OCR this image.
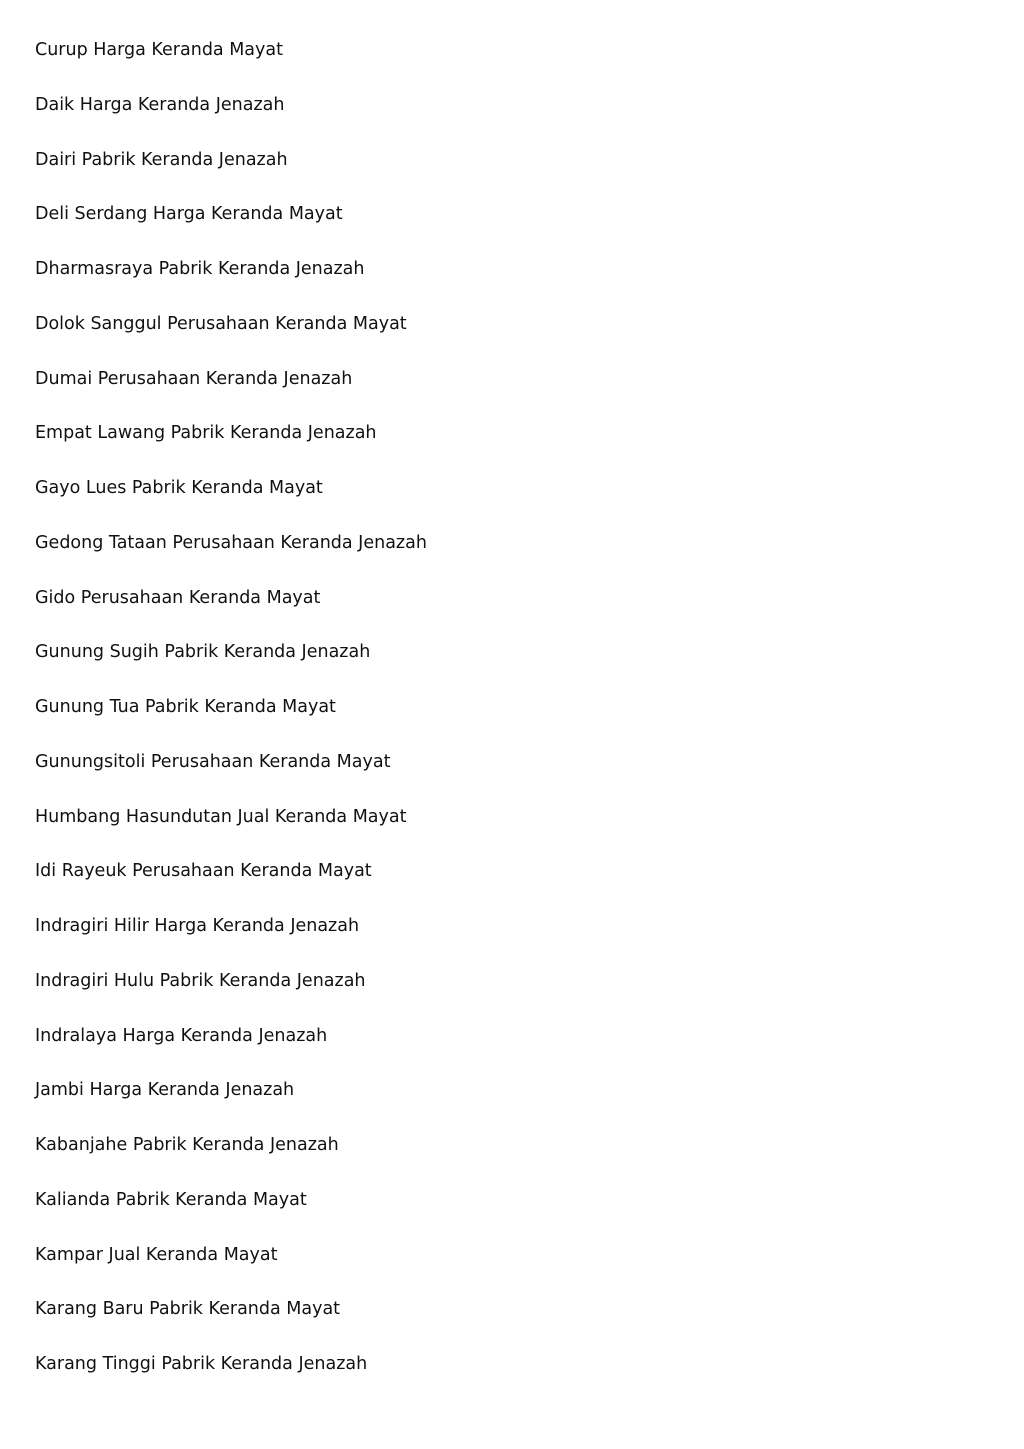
Curup Harga Keranda Mayat
Daik Harga Keranda Jenazah
Dairi Pabrik Keranda Jenazah
Deli Serdang Harga Keranda Mayat
Dharmasraya Pabrik Keranda Jenazah
Dolok Sanggul Perusahaan Keranda Mayat
Dumai Perusahaan Keranda Jenazah
Empat Lawang Pabrik Keranda Jenazah
Gayo Lues Pabrik Keranda Mayat
Gedong Tataan Perusahaan Keranda Jenazah
Gido Perusahaan Keranda Mayat
Gunung Sugih Pabrik Keranda Jenazah
Gunung Tua Pabrik Keranda Mayat
Gunungsitoli Perusahaan Keranda Mayat
Humbang Hasundutan Jual Keranda Mayat
Idi Rayeuk Perusahaan Keranda Mayat
Indragiri Hilir Harga Keranda Jenazah
Indragiri Hulu Pabrik Keranda Jenazah
Indralaya Harga Keranda Jenazah
Jambi Harga Keranda Jenazah
Kabanjahe Pabrik Keranda Jenazah
Kalianda Pabrik Keranda Mayat
Kampar Jual Keranda Mayat
Karang Baru Pabrik Keranda Mayat
Karang Tinggi Pabrik Keranda Jenazah
